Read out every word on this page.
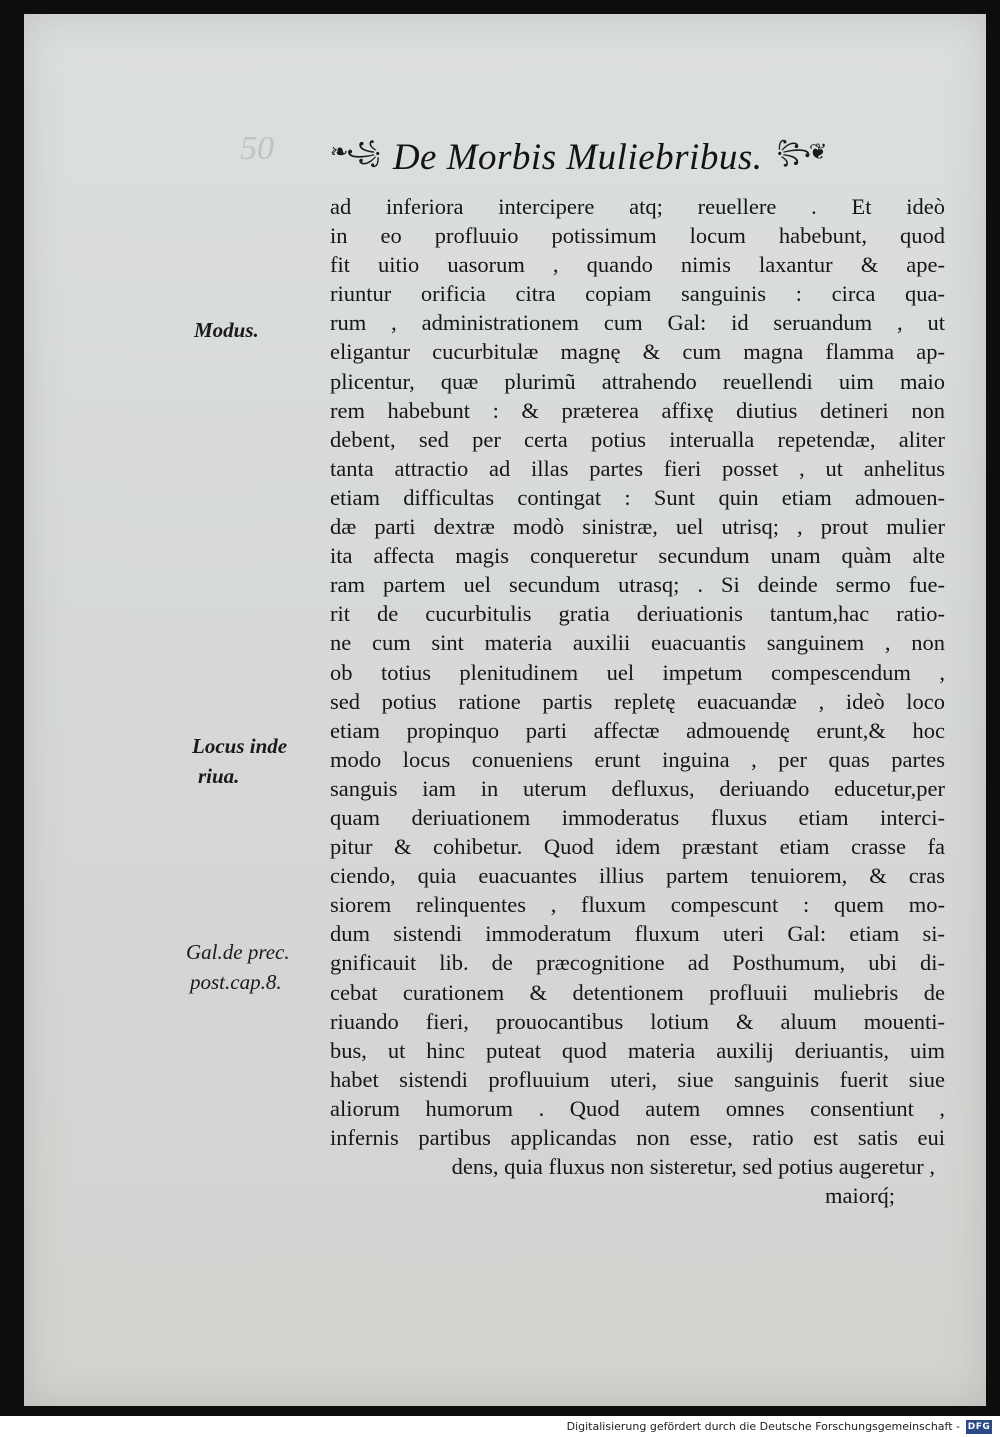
50	❧꧁ De Morbis Muliebribus. ꧂❦
Modus.
Locus inde
riua.
Gal.de prec.
post.cap.8.
ad inferiora intercipere atq; reuellere . Et ideò
in eo profluuio potissimum locum habebunt, quod
fit uitio uasorum , quando nimis laxantur & ape-
riuntur orificia citra copiam sanguinis : circa qua-
rum , administrationem cum Gal: id seruandum , ut
eligantur cucurbitulæ magnę & cum magna flamma ap-
plicentur, quæ plurimũ attrahendo reuellendi uim maio
rem habebunt : & præterea affixę diutius detineri non
debent, sed per certa potius interualla repetendæ, aliter
tanta attractio ad illas partes fieri posset , ut anhelitus
etiam difficultas contingat : Sunt quin etiam admouen-
dæ parti dextræ modò sinistræ, uel utrisq; , prout mulier
ita affecta magis conqueretur secundum unam quàm alte
ram partem uel secundum utrasq; . Si deinde sermo fue-
rit de cucurbitulis gratia deriuationis tantum,hac ratio-
ne cum sint materia auxilii euacuantis sanguinem , non
ob totius plenitudinem uel impetum compescendum ,
sed potius ratione partis repletę euacuandæ , ideò loco
etiam propinquo parti affectæ admouendę erunt,& hoc
modo locus conueniens erunt inguina , per quas partes
sanguis iam in uterum defluxus, deriuando educetur,per
quam deriuationem immoderatus fluxus etiam interci-
pitur & cohibetur. Quod idem præstant etiam crasse fa
ciendo, quia euacuantes illius partem tenuiorem, & cras
siorem relinquentes , fluxum compescunt : quem mo-
dum sistendi immoderatum fluxum uteri Gal: etiam si-
gnificauit lib. de præcognitione ad Posthumum, ubi di-
cebat curationem & detentionem profluuii muliebris de
riuando fieri, prouocantibus lotium & aluum mouenti-
bus, ut hinc puteat quod materia auxilij deriuantis, uim
habet sistendi profluuium uteri, siue sanguinis fuerit siue
aliorum humorum . Quod autem omnes consentiunt ,
infernis partibus applicandas non esse, ratio est satis eui
dens, quia fluxus non sisteretur, sed potius augeretur ,
maiorq́;
Digitalisierung gefördert durch die Deutsche Forschungsgemeinschaft - DFG
